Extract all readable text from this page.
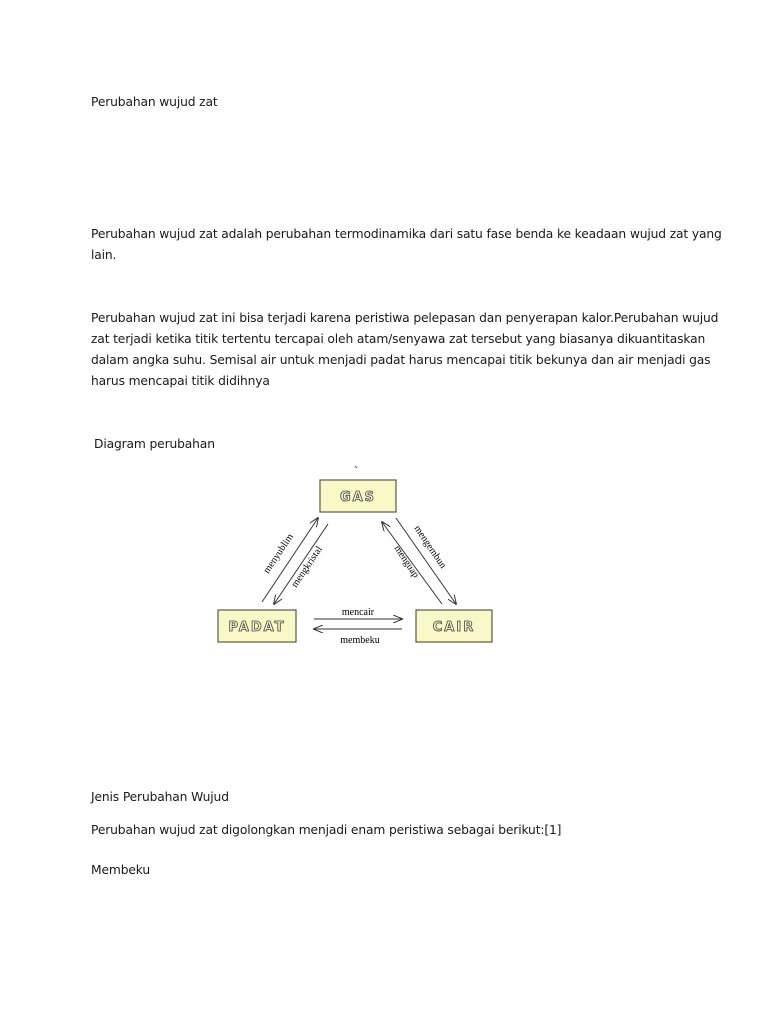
Perubahan wujud zat
Perubahan wujud zat adalah perubahan termodinamika dari satu fase benda ke keadaan wujud zat yang
lain.
Perubahan wujud zat ini bisa terjadi karena peristiwa pelepasan dan penyerapan kalor.Perubahan wujud
zat terjadi ketika titik tertentu tercapai oleh atam/senyawa zat tersebut yang biasanya dikuantitaskan
dalam angka suhu. Semisal air untuk menjadi padat harus mencapai titik bekunya dan air menjadi gas
harus mencapai titik didihnya
Diagram perubahan
GAS
PADAT	CAIR
menyublim
mengkristal	mengembun
menguap
mencair
membeku
Jenis Perubahan Wujud
Perubahan wujud zat digolongkan menjadi enam peristiwa sebagai berikut:[1]
Membeku
